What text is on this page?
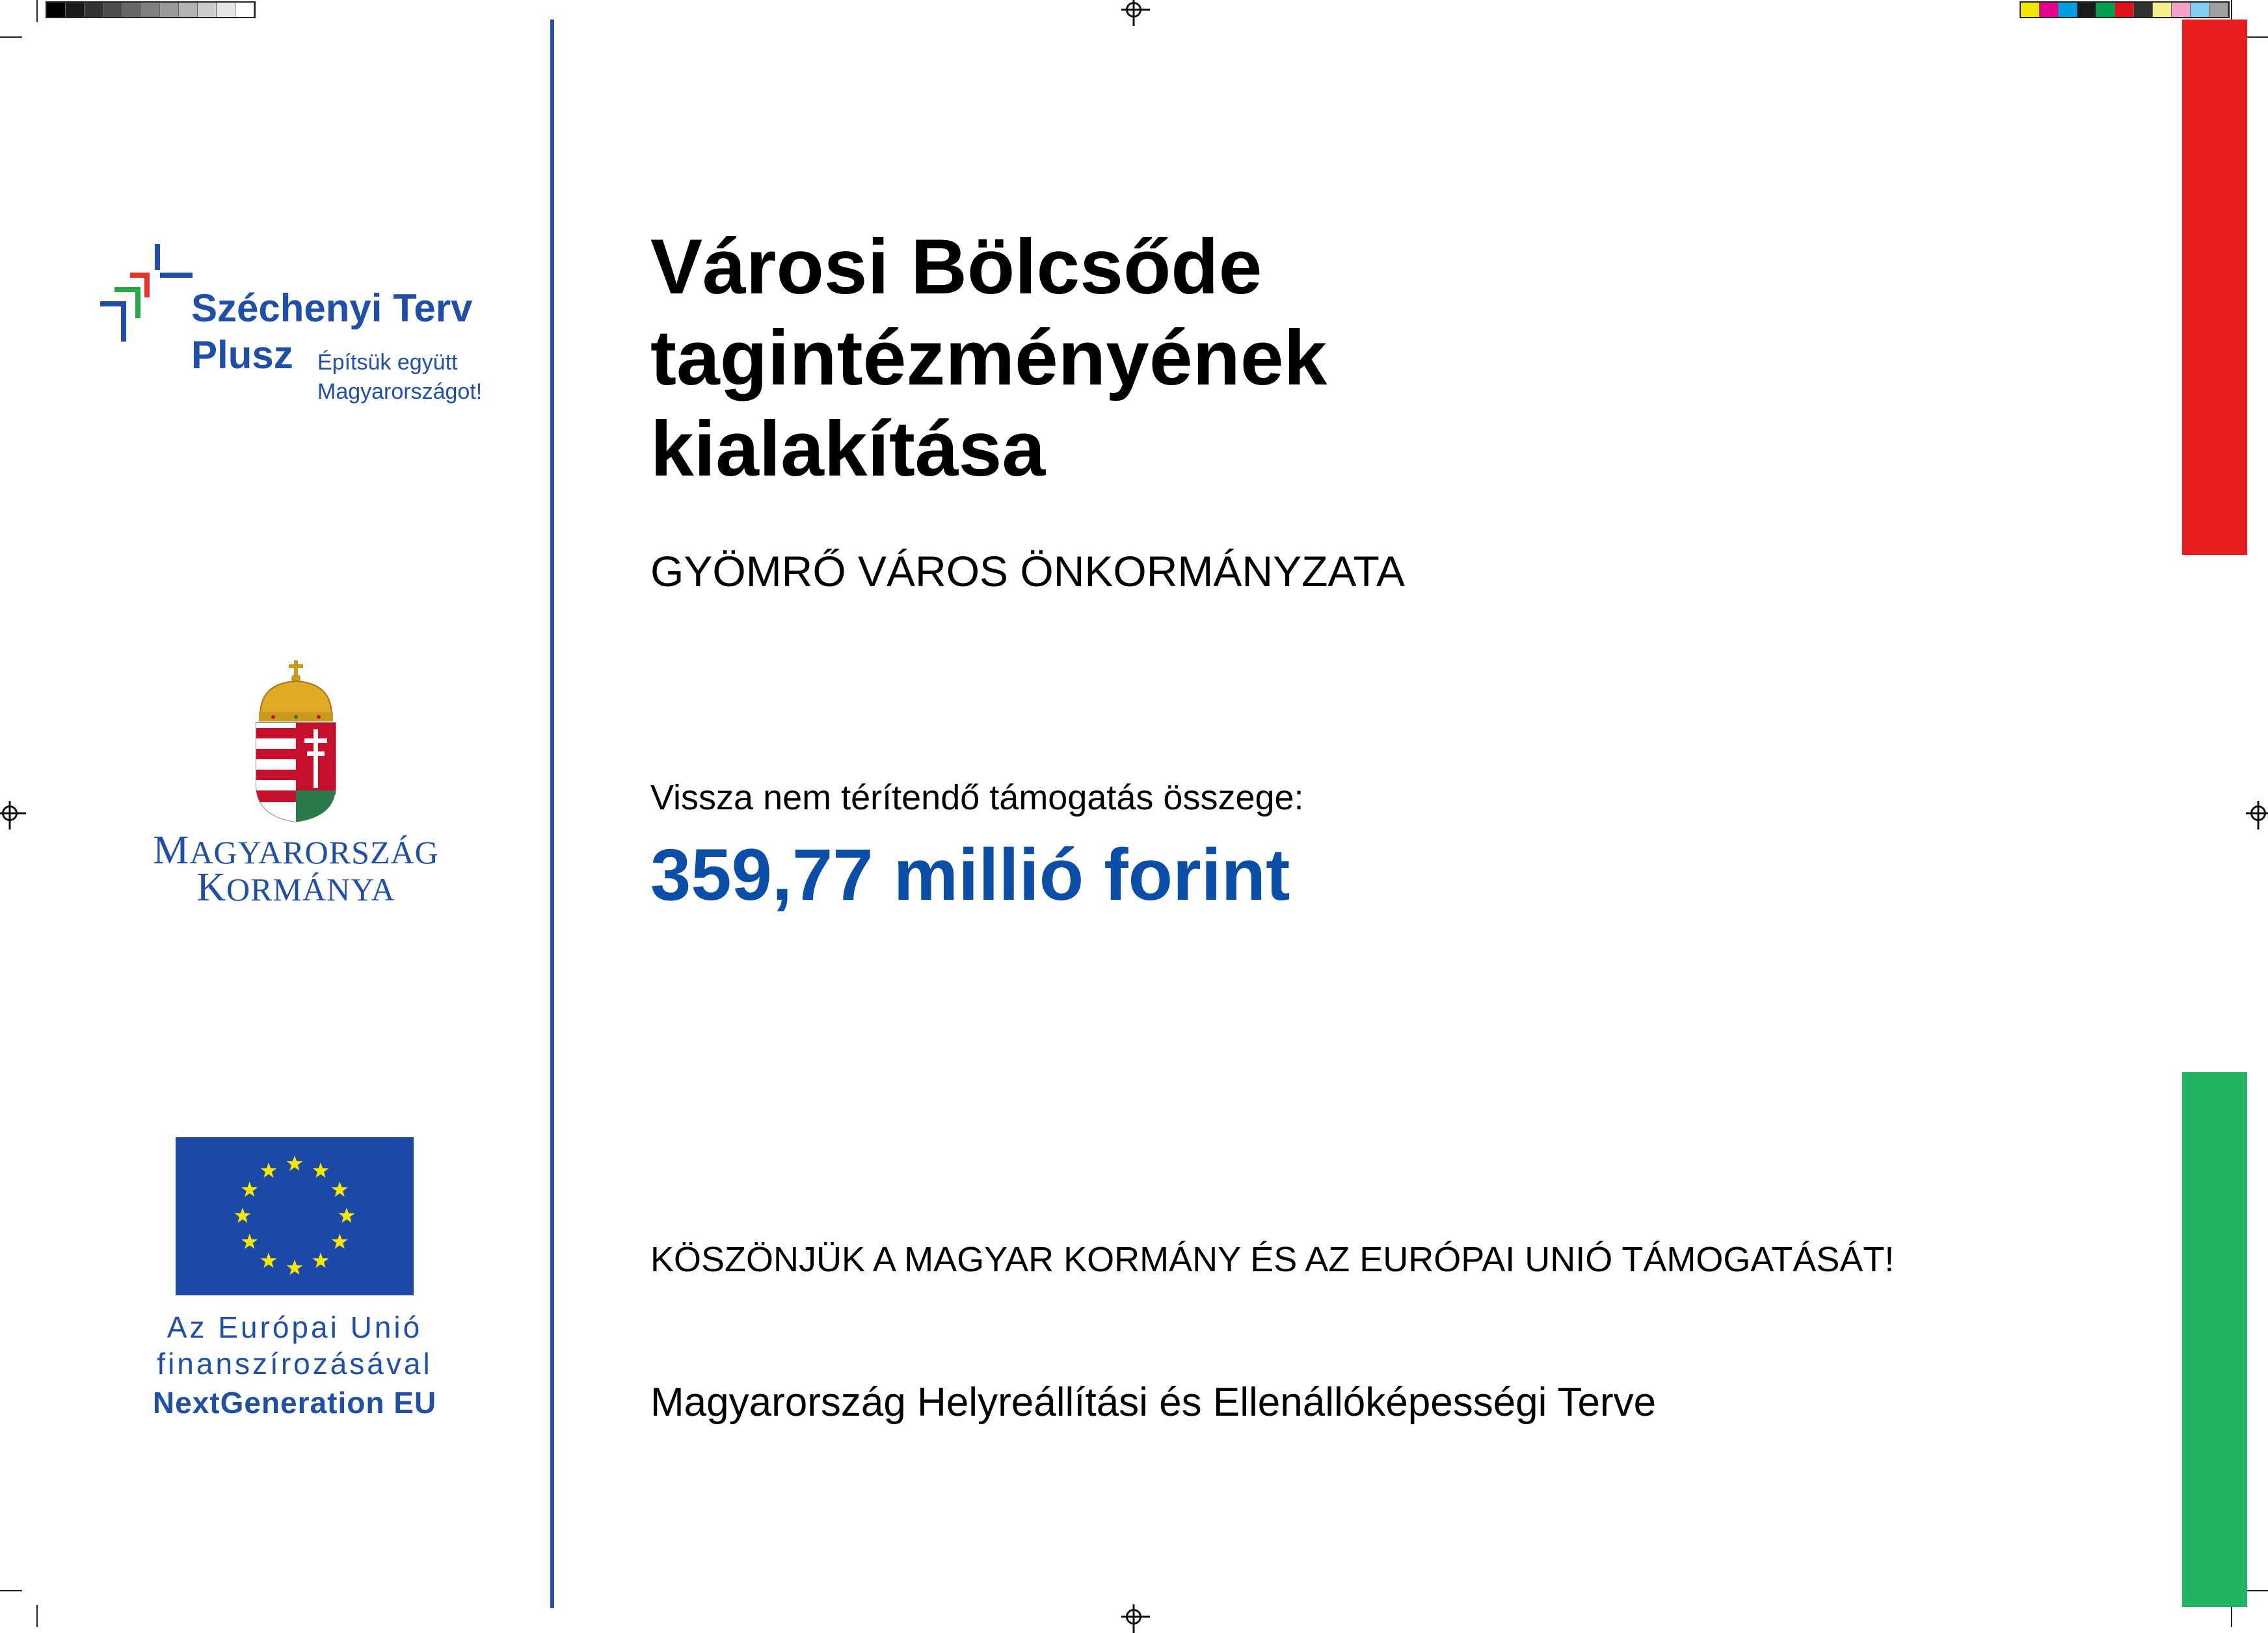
Széchenyi Terv
Plusz Építsük együtt
Magyarországot!
MAGYARORSZÁG
KORMÁNYA
Az Európai Unió
finanszírozásával
NextGeneration EU
Városi Bölcsőde tagintézményének
kialakítása
GYÖMRŐ VÁROS ÖNKORMÁNYZATA
Vissza nem térítendő támogatás összege:
359,77 millió forint
KÖSZÖNJÜK A MAGYAR KORMÁNY ÉS AZ EURÓPAI UNIÓ TÁMOGATÁSÁT!
Magyarország Helyreállítási és Ellenállóképességi Terve
